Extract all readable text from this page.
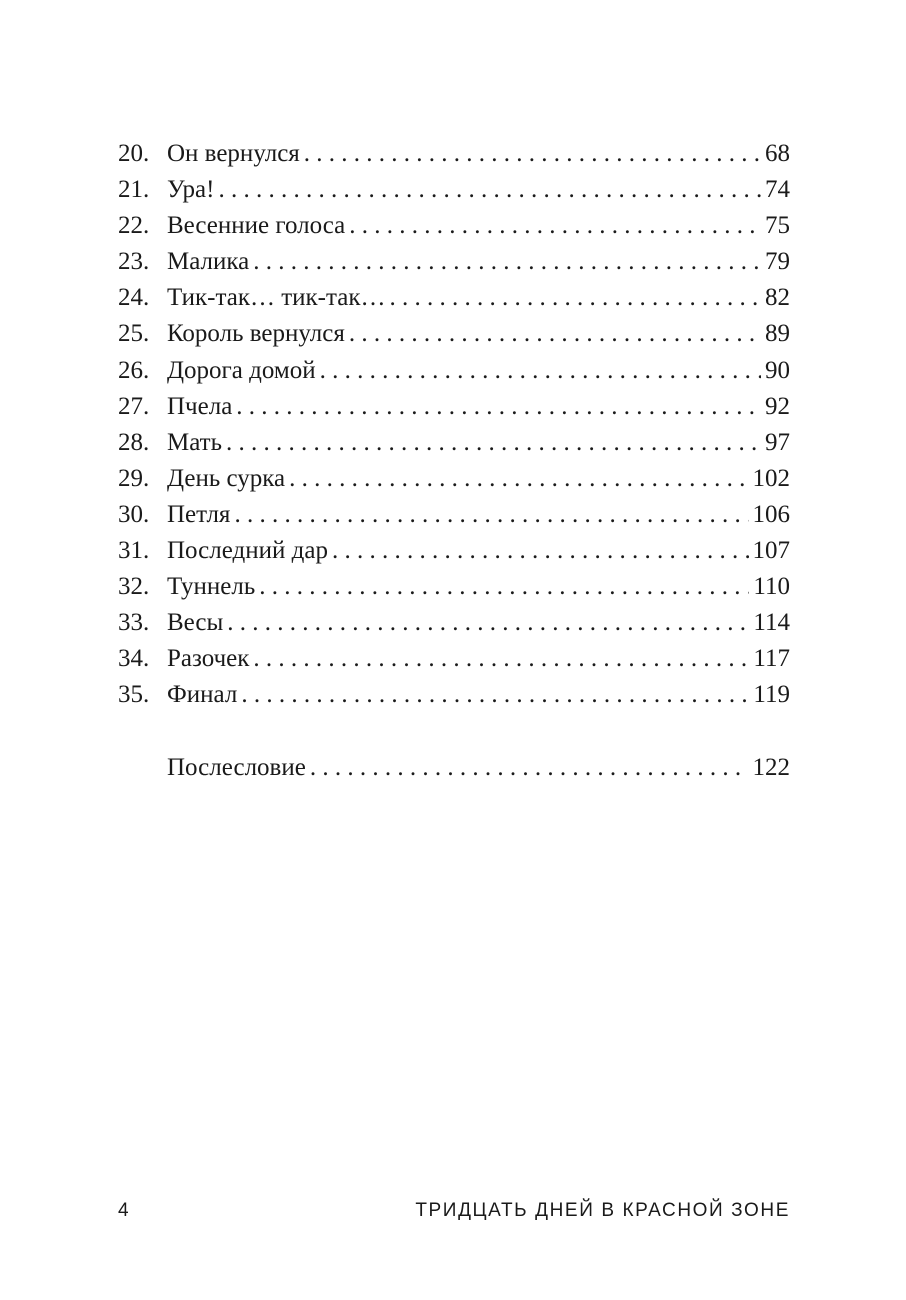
20. Он вернулся . . .	68
21. Ура! . . .	74
22. Весенние голоса . . .	75
23. Малика . . .	79
24. Тик-так… тик-так… . . .	82
25. Король вернулся . . .	89
26. Дорога домой . . .	90
27. Пчела . . .	92
28. Мать . . .	97
29. День сурка . . .	102
30. Петля . . .	106
31. Последний дар . . .	107
32. Туннель . . .	110
33. Весы . . .	114
34. Разочек . . .	117
35. Финал . . .	119
Послесловие . . .	122
4	ТРИДЦАТЬ ДНЕЙ В КРАСНОЙ ЗОНЕ
